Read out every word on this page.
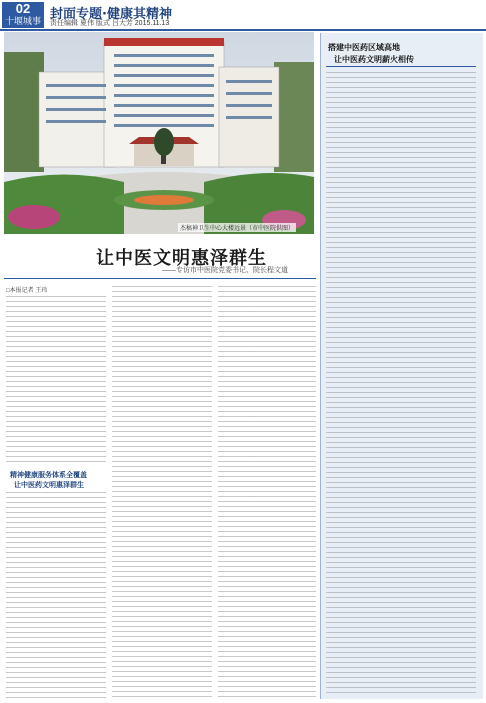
02
十堰城事 封面专题·健康其精神
责任编辑 夏伟 版式 吕大芳 2015.11.13
杰稿神卫生中心大楼远景（市中医院供图）
让中医文明惠泽群生
——专访市中医院党委书记、院长程文道
□本报记者 王玮
精神健康服务体系全覆盖
让中医药文明惠泽群生
搭建中医药区域高地
让中医药文明薪火相传
